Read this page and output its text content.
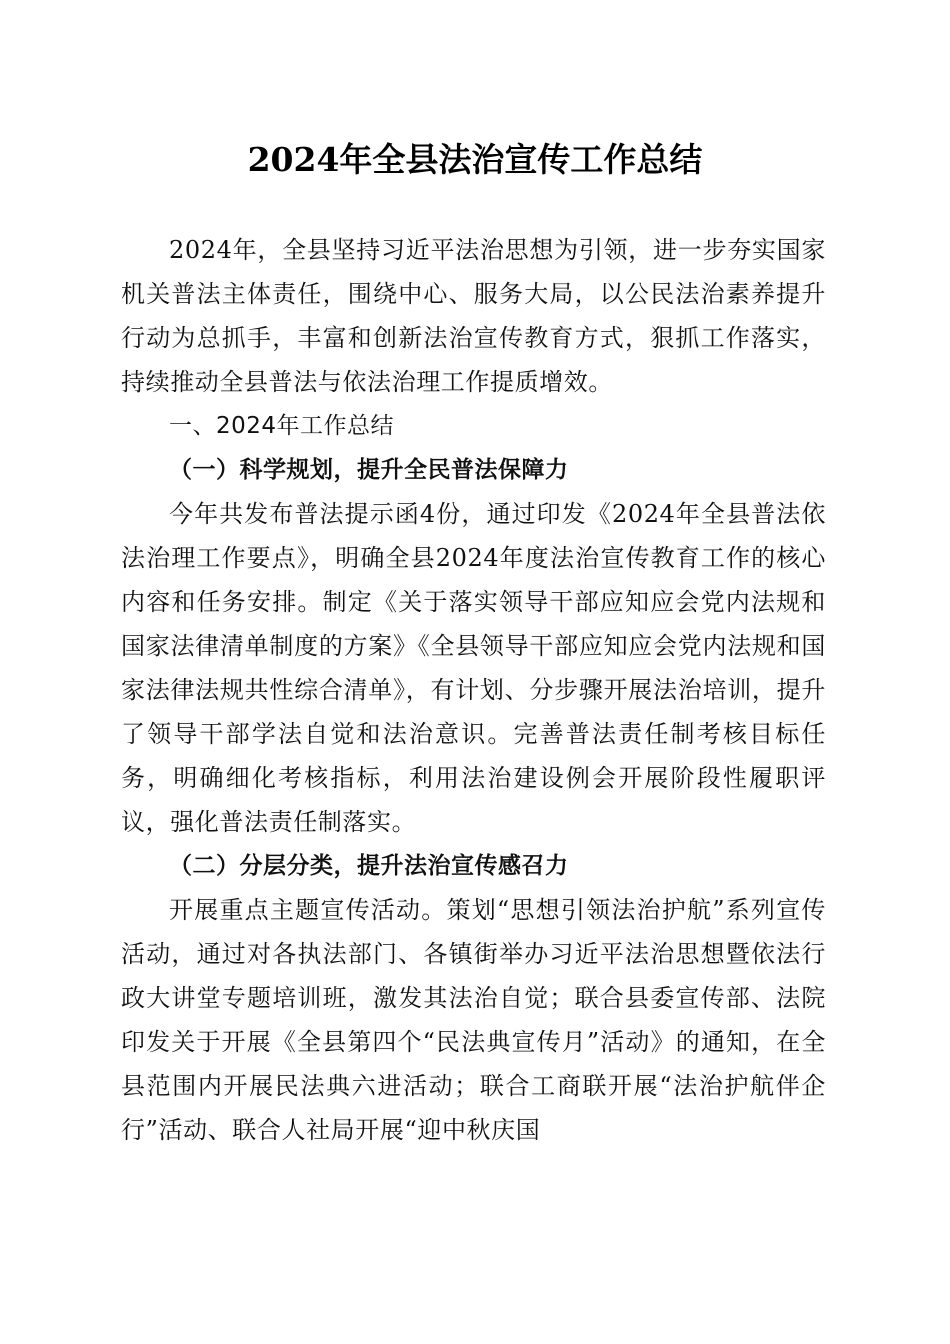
2024年全县法治宣传工作总结

2024年，全县坚持习近平法治思想为引领，进一步夯实国家机关普法主体责任，围绕中心、服务大局，以公民法治素养提升行动为总抓手，丰富和创新法治宣传教育方式，狠抓工作落实，持续推动全县普法与依法治理工作提质增效。

一、2024年工作总结

（一）科学规划，提升全民普法保障力

今年共发布普法提示函4份，通过印发《2024年全县普法依法治理工作要点》，明确全县2024年度法治宣传教育工作的核心内容和任务安排。制定《关于落实领导干部应知应会党内法规和国家法律清单制度的方案》《全县领导干部应知应会党内法规和国家法律法规共性综合清单》，有计划、分步骤开展法治培训，提升了领导干部学法自觉和法治意识。完善普法责任制考核目标任务，明确细化考核指标，利用法治建设例会开展阶段性履职评议，强化普法责任制落实。

（二）分层分类，提升法治宣传感召力

开展重点主题宣传活动。策划“思想引领法治护航”系列宣传活动，通过对各执法部门、各镇街举办习近平法治思想暨依法行政大讲堂专题培训班，激发其法治自觉；联合县委宣传部、法院印发关于开展《全县第四个“民法典宣传月”活动》的通知，在全县范围内开展民法典六进活动；联合工商联开展“法治护航伴企行”活动、联合人社局开展“迎中秋庆国
